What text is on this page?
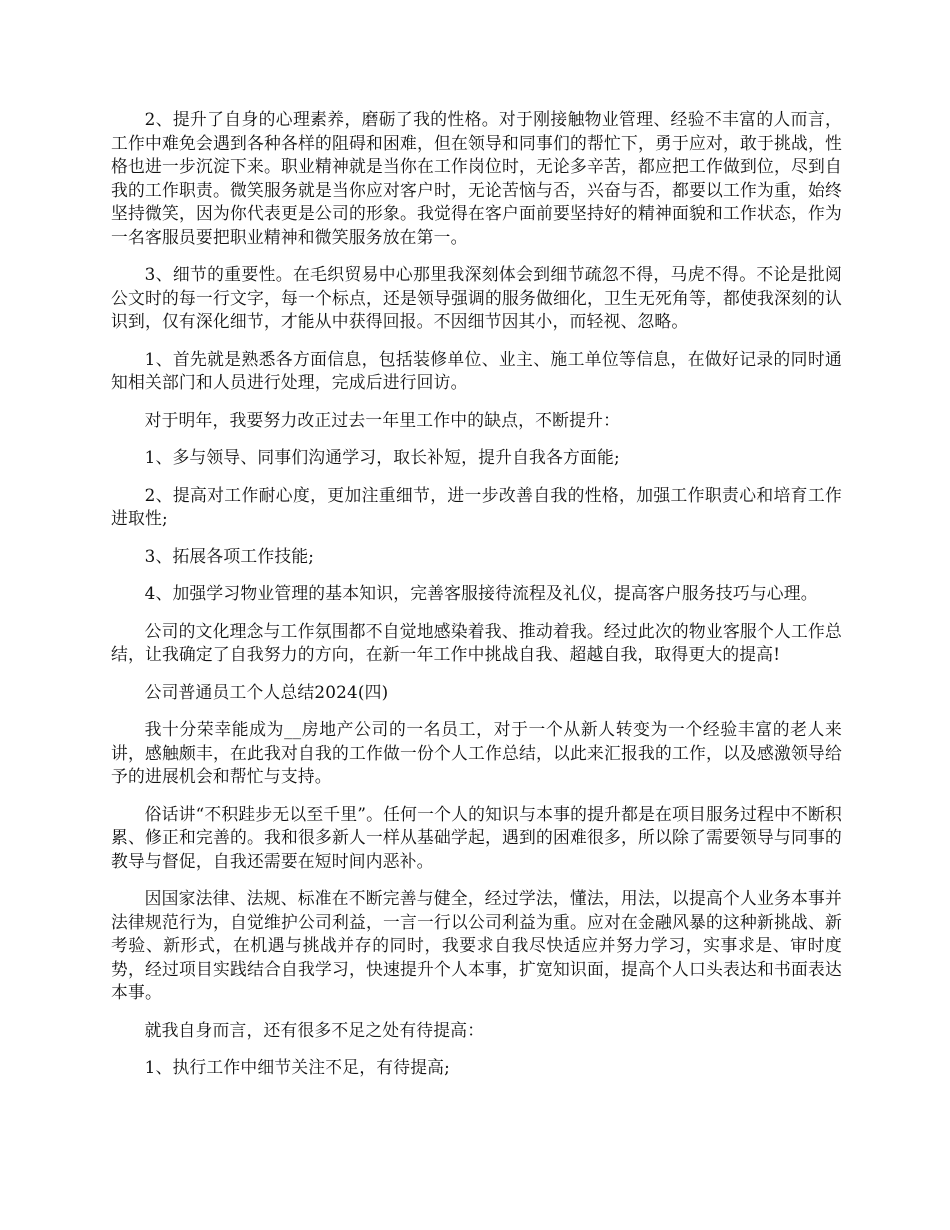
2、提升了自身的心理素养，磨砺了我的性格。对于刚接触物业管理、经验不丰富的人而言，工作中难免会遇到各种各样的阻碍和困难，但在领导和同事们的帮忙下，勇于应对，敢于挑战，性格也进一步沉淀下来。职业精神就是当你在工作岗位时，无论多辛苦，都应把工作做到位，尽到自我的工作职责。微笑服务就是当你应对客户时，无论苦恼与否，兴奋与否，都要以工作为重，始终坚持微笑，因为你代表更是公司的形象。我觉得在客户面前要坚持好的精神面貌和工作状态，作为一名客服员要把职业精神和微笑服务放在第一。

3、细节的重要性。在毛织贸易中心那里我深刻体会到细节疏忽不得，马虎不得。不论是批阅公文时的每一行文字，每一个标点，还是领导强调的服务做细化，卫生无死角等，都使我深刻的认识到，仅有深化细节，才能从中获得回报。不因细节因其小，而轻视、忽略。

1、首先就是熟悉各方面信息，包括装修单位、业主、施工单位等信息，在做好记录的同时通知相关部门和人员进行处理，完成后进行回访。

对于明年，我要努力改正过去一年里工作中的缺点，不断提升：

1、多与领导、同事们沟通学习，取长补短，提升自我各方面能;

2、提高对工作耐心度，更加注重细节，进一步改善自我的性格，加强工作职责心和培育工作进取性;

3、拓展各项工作技能;

4、加强学习物业管理的基本知识，完善客服接待流程及礼仪，提高客户服务技巧与心理。

公司的文化理念与工作氛围都不自觉地感染着我、推动着我。经过此次的物业客服个人工作总结，让我确定了自我努力的方向，在新一年工作中挑战自我、超越自我，取得更大的提高!

公司普通员工个人总结2024(四)

我十分荣幸能成为__房地产公司的一名员工，对于一个从新人转变为一个经验丰富的老人来讲，感触颇丰，在此我对自我的工作做一份个人工作总结，以此来汇报我的工作，以及感激领导给予的进展机会和帮忙与支持。

俗话讲“不积跬步无以至千里”。任何一个人的知识与本事的提升都是在项目服务过程中不断积累、修正和完善的。我和很多新人一样从基础学起，遇到的困难很多，所以除了需要领导与同事的教导与督促，自我还需要在短时间内恶补。

因国家法律、法规、标准在不断完善与健全，经过学法，懂法，用法，以提高个人业务本事并法律规范行为，自觉维护公司利益，一言一行以公司利益为重。应对在金融风暴的这种新挑战、新考验、新形式，在机遇与挑战并存的同时，我要求自我尽快适应并努力学习，实事求是、审时度势，经过项目实践结合自我学习，快速提升个人本事，扩宽知识面，提高个人口头表达和书面表达本事。

就我自身而言，还有很多不足之处有待提高：

1、执行工作中细节关注不足，有待提高;
